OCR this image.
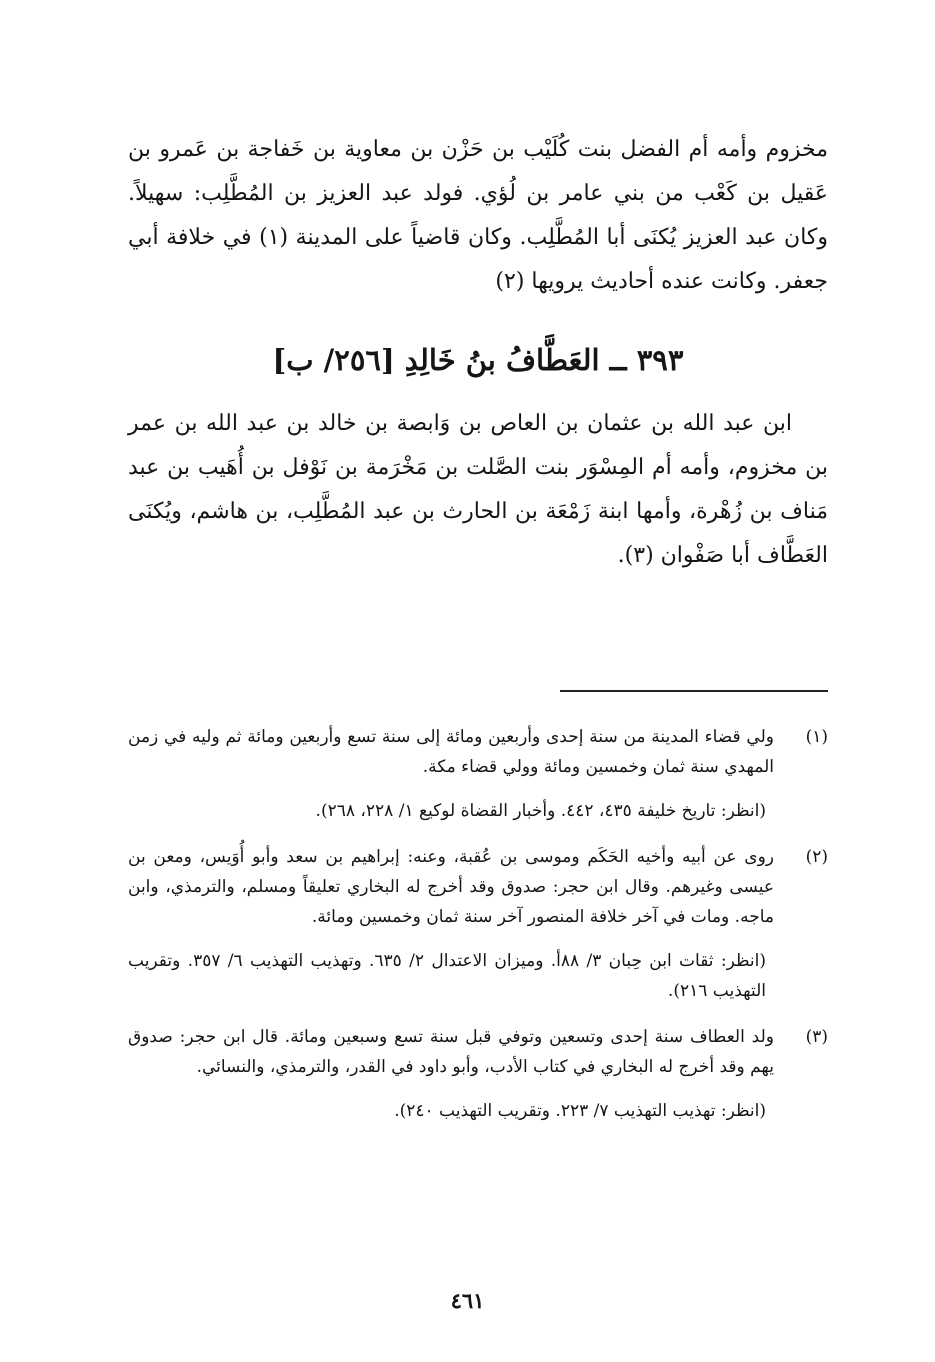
مخزوم وأمه أم الفضل بنت كُلَيْب بن حَزْن بن معاوية بن خَفاجة بن عَمرو بن عَقيل بن كَعْب من بني عامر بن لُؤي. فولد عبد العزيز بن المُطَّلِب: سهيلاً. وكان عبد العزيز يُكنَى أبا المُطَّلِب. وكان قاضياً على المدينة (١) في خلافة أبي جعفر. وكانت عنده أحاديث يرويها (٢)

٣٩٣ ــ العَطَّافُ بنُ خَالِدِ [٢٥٦/ ب]

ابن عبد الله بن عثمان بن العاص بن وَابصة بن خالد بن عبد الله بن عمر بن مخزوم، وأمه أم المِسْوَر بنت الصَّلت بن مَخْرَمة بن نَوْفل بن أُهَيب بن عبد مَناف بن زُهْرة، وأمها ابنة زَمْعَة بن الحارث بن عبد المُطَّلِب، بن هاشم، ويُكنَى العَطَّاف أبا صَفْوان (٣).

(١)

ولي قضاء المدينة من سنة إحدى وأربعين ومائة إلى سنة تسع وأربعين ومائة ثم وليه في زمن المهدي سنة ثمان وخمسين ومائة وولي قضاء مكة.

(انظر: تاريخ خليفة ٤٣٥، ٤٤٢. وأخبار القضاة لوكيع ١/ ٢٢٨، ٢٦٨).

(٢)

روى عن أبيه وأخيه الحَكَم وموسى بن عُقبة، وعنه: إبراهيم بن سعد وأبو أُوَيس، ومعن بن عيسى وغيرهم. وقال ابن حجر: صدوق وقد أخرج له البخاري تعليقاً ومسلم، والترمذي، وابن ماجه. ومات في آخر خلافة المنصور آخر سنة ثمان وخمسين ومائة.

(انظر: ثقات ابن حِبان ٣/ ٨٨أ. وميزان الاعتدال ٢/ ٦٣٥. وتهذيب التهذيب ٦/ ٣٥٧. وتقريب التهذيب ٢١٦).

(٣)

ولد العطاف سنة إحدى وتسعين وتوفي قبل سنة تسع وسبعين ومائة. قال ابن حجر: صدوق يهم وقد أخرج له البخاري في كتاب الأدب، وأبو داود في القدر، والترمذي، والنسائي.

(انظر: تهذيب التهذيب ٧/ ٢٢٣. وتقريب التهذيب ٢٤٠).

٤٦١
